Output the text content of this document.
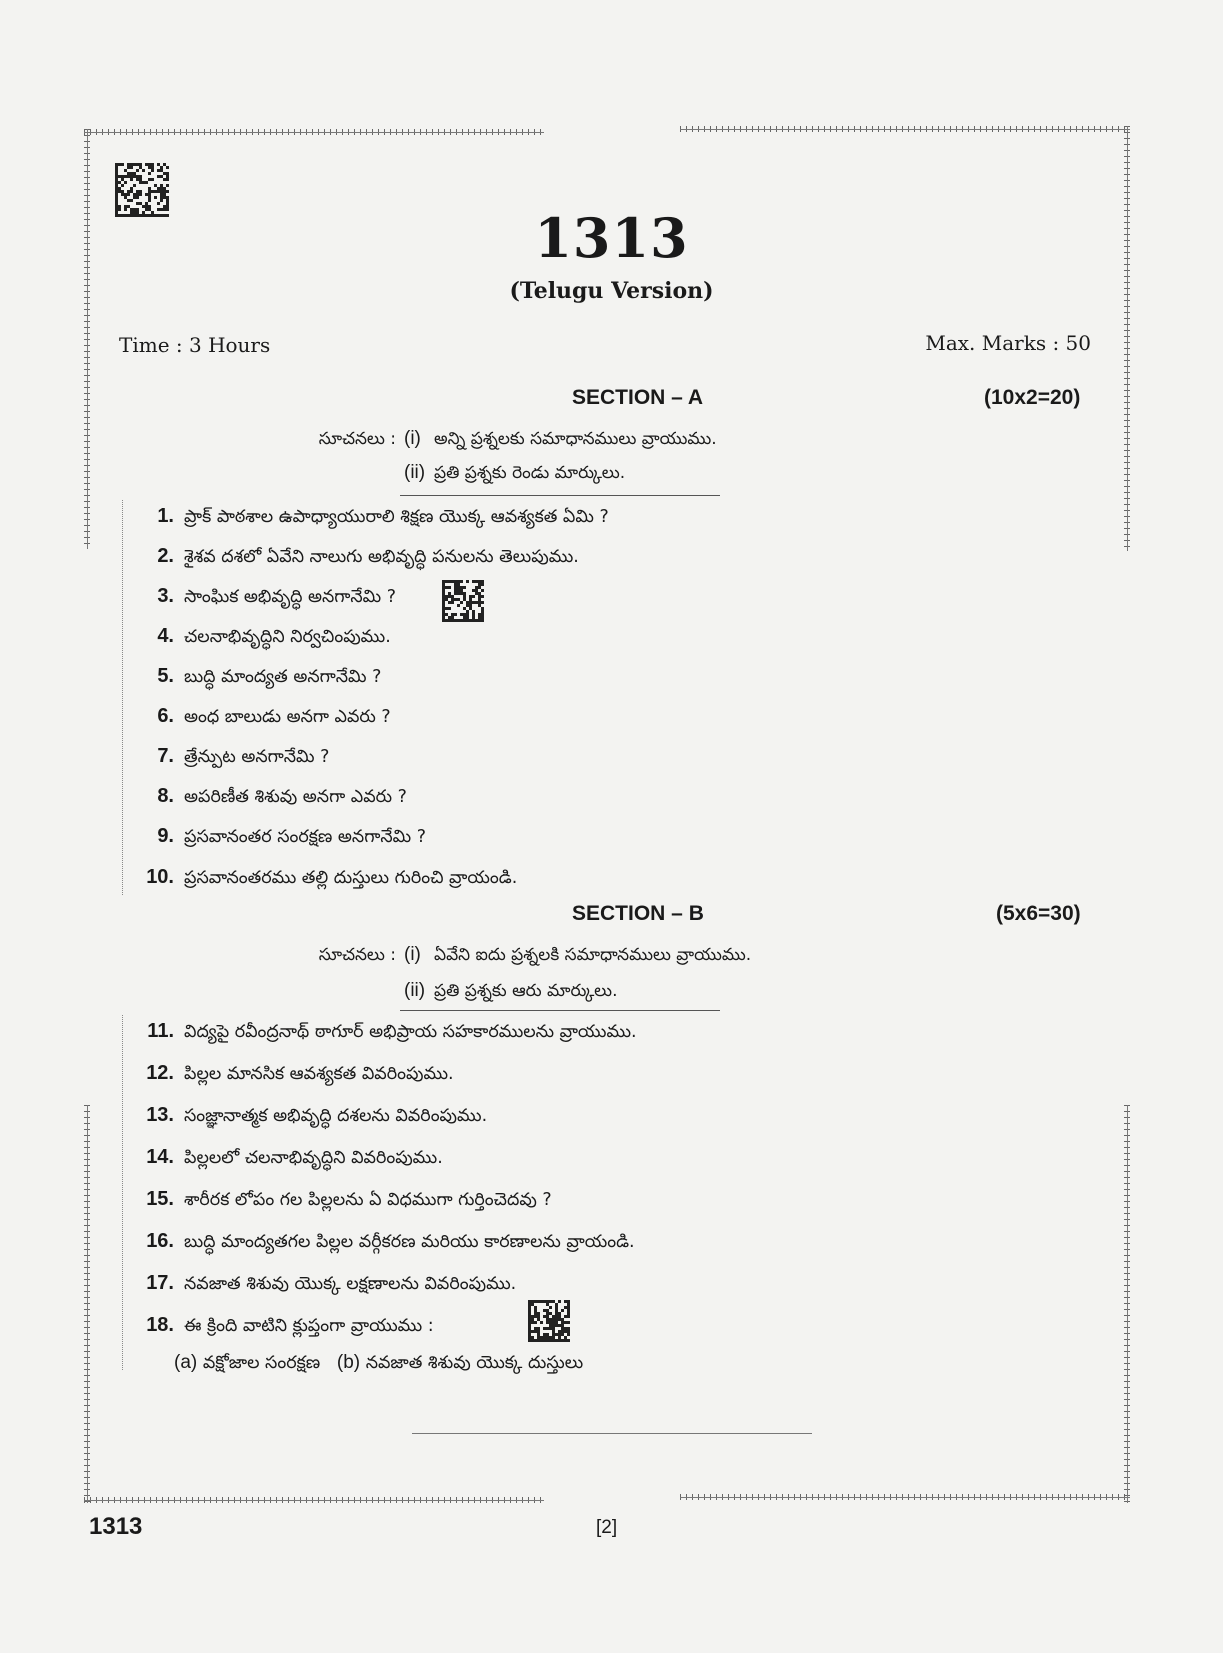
1313
(Telugu Version)
Time : 3 Hours	Max. Marks : 50
SECTION – A	(10x2=20)
సూచనలు : (i) అన్ని ప్రశ్నలకు సమాధానములు వ్రాయుము.
(ii) ప్రతి ప్రశ్నకు రెండు మార్కులు.
1. ప్రాక్ పాఠశాల ఉపాధ్యాయురాలి శిక్షణ యొక్క ఆవశ్యకత ఏమి ?
2. శైశవ దశలో ఏవేని నాలుగు అభివృద్ధి పనులను తెలుపుము.
3. సాంఘిక అభివృద్ధి అనగానేమి ?
4. చలనాభివృద్ధిని నిర్వచింపుము.
5. బుద్ధి మాంద్యత అనగానేమి ?
6. అంధ బాలుడు అనగా ఎవరు ?
7. త్రేన్పుట అనగానేమి ?
8. అపరిణీత శిశువు అనగా ఎవరు ?
9. ప్రసవానంతర సంరక్షణ అనగానేమి ?
10. ప్రసవానంతరము తల్లి దుస్తులు గురించి వ్రాయండి.
SECTION – B	(5x6=30)
సూచనలు : (i) ఏవేని ఐదు ప్రశ్నలకి సమాధానములు వ్రాయుము.
(ii) ప్రతి ప్రశ్నకు ఆరు మార్కులు.
11. విద్యపై రవీంద్రనాథ్ ఠాగూర్ అభిప్రాయ సహకారములను వ్రాయుము.
12. పిల్లల మానసిక ఆవశ్యకత వివరింపుము.
13. సంజ్ఞానాత్మక అభివృద్ధి దశలను వివరింపుము.
14. పిల్లలలో చలనాభివృద్ధిని వివరింపుము.
15. శారీరక లోపం గల పిల్లలను ఏ విధముగా గుర్తించెదవు ?
16. బుద్ధి మాంద్యతగల పిల్లల వర్గీకరణ మరియు కారణాలను వ్రాయండి.
17. నవజాత శిశువు యొక్క లక్షణాలను వివరింపుము.
18. ఈ క్రింది వాటిని క్లుప్తంగా వ్రాయుము :
(a) వక్షోజాల సంరక్షణ (b) నవజాత శిశువు యొక్క దుస్తులు
1313	[2]
